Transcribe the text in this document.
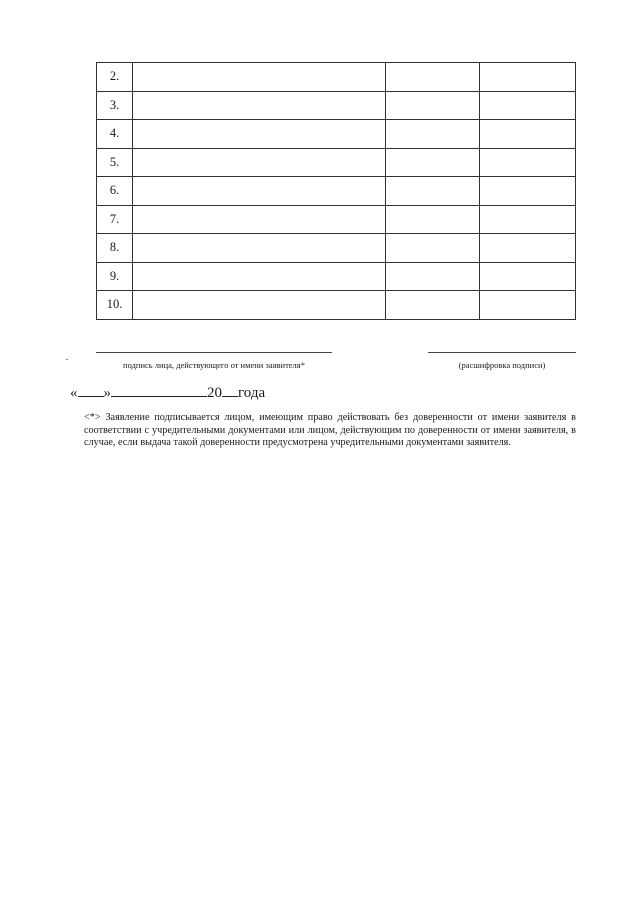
2.			
3.			
4.			
5.			
6.			
7.			
8.			
9.			
10.			
подпись лица, действующего от имени заявителя*	(расшифровка подписи)
« »	20 года
<*> Заявление подписывается лицом, имеющим право действовать без доверенности от имени заявителя в
соответствии с учредительными документами или лицом, действующим по доверенности от имени заявителя, в
случае, если выдача такой доверенности предусмотрена учредительными документами заявителя.
